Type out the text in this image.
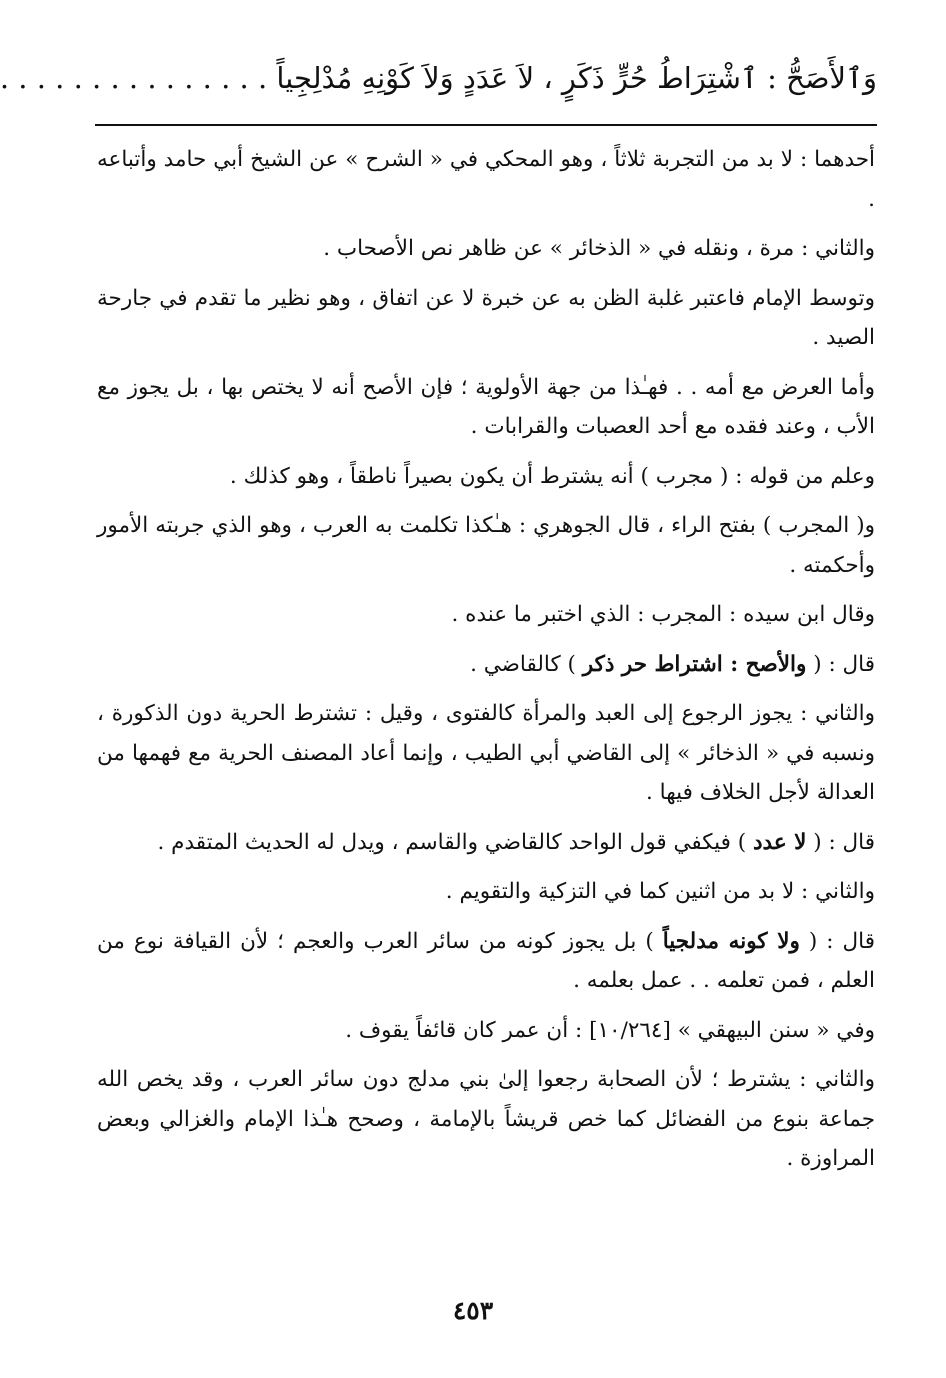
وَٱلأَصَحُّ : ٱشْتِرَاطُ حُرٍّ ذَكَرٍ ، لاَ عَدَدٍ وَلاَ كَوْنِهِ مُدْلِجِياً . . . . . . . . . . . . . . .

أحدهما : لا بد من التجربة ثلاثاً ، وهو المحكي في « الشرح » عن الشيخ أبي حامد وأتباعه .

والثاني : مرة ، ونقله في « الذخائر » عن ظاهر نص الأصحاب .

وتوسط الإمام فاعتبر غلبة الظن به عن خبرة لا عن اتفاق ، وهو نظير ما تقدم في جارحة الصيد .

وأما العرض مع أمه . . فهـٰذا من جهة الأولوية ؛ فإن الأصح أنه لا يختص بها ، بل يجوز مع الأب ، وعند فقده مع أحد العصبات والقرابات .

وعلم من قوله : ( مجرب ) أنه يشترط أن يكون بصيراً ناطقاً ، وهو كذلك .

و( المجرب ) بفتح الراء ، قال الجوهري : هـٰكذا تكلمت به العرب ، وهو الذي جربته الأمور وأحكمته .

وقال ابن سيده : المجرب : الذي اختبر ما عنده .

قال : ( والأصح : اشتراط حر ذكر ) كالقاضي .

والثاني : يجوز الرجوع إلى العبد والمرأة كالفتوى ، وقيل : تشترط الحرية دون الذكورة ، ونسبه في « الذخائر » إلى القاضي أبي الطيب ، وإنما أعاد المصنف الحرية مع فهمها من العدالة لأجل الخلاف فيها .

قال : ( لا عدد ) فيكفي قول الواحد كالقاضي والقاسم ، ويدل له الحديث المتقدم .

والثاني : لا بد من اثنين كما في التزكية والتقويم .

قال : ( ولا كونه مدلجياً ) بل يجوز كونه من سائر العرب والعجم ؛ لأن القيافة نوع من العلم ، فمن تعلمه . . عمل بعلمه .

وفي « سنن البيهقي » [١٠/٢٦٤] : أن عمر كان قائفاً يقوف .

والثاني : يشترط ؛ لأن الصحابة رجعوا إلىٰ بني مدلج دون سائر العرب ، وقد يخص الله جماعة بنوع من الفضائل كما خص قريشاً بالإمامة ، وصحح هـٰذا الإمام والغزالي وبعض المراوزة .

٤٥٣
